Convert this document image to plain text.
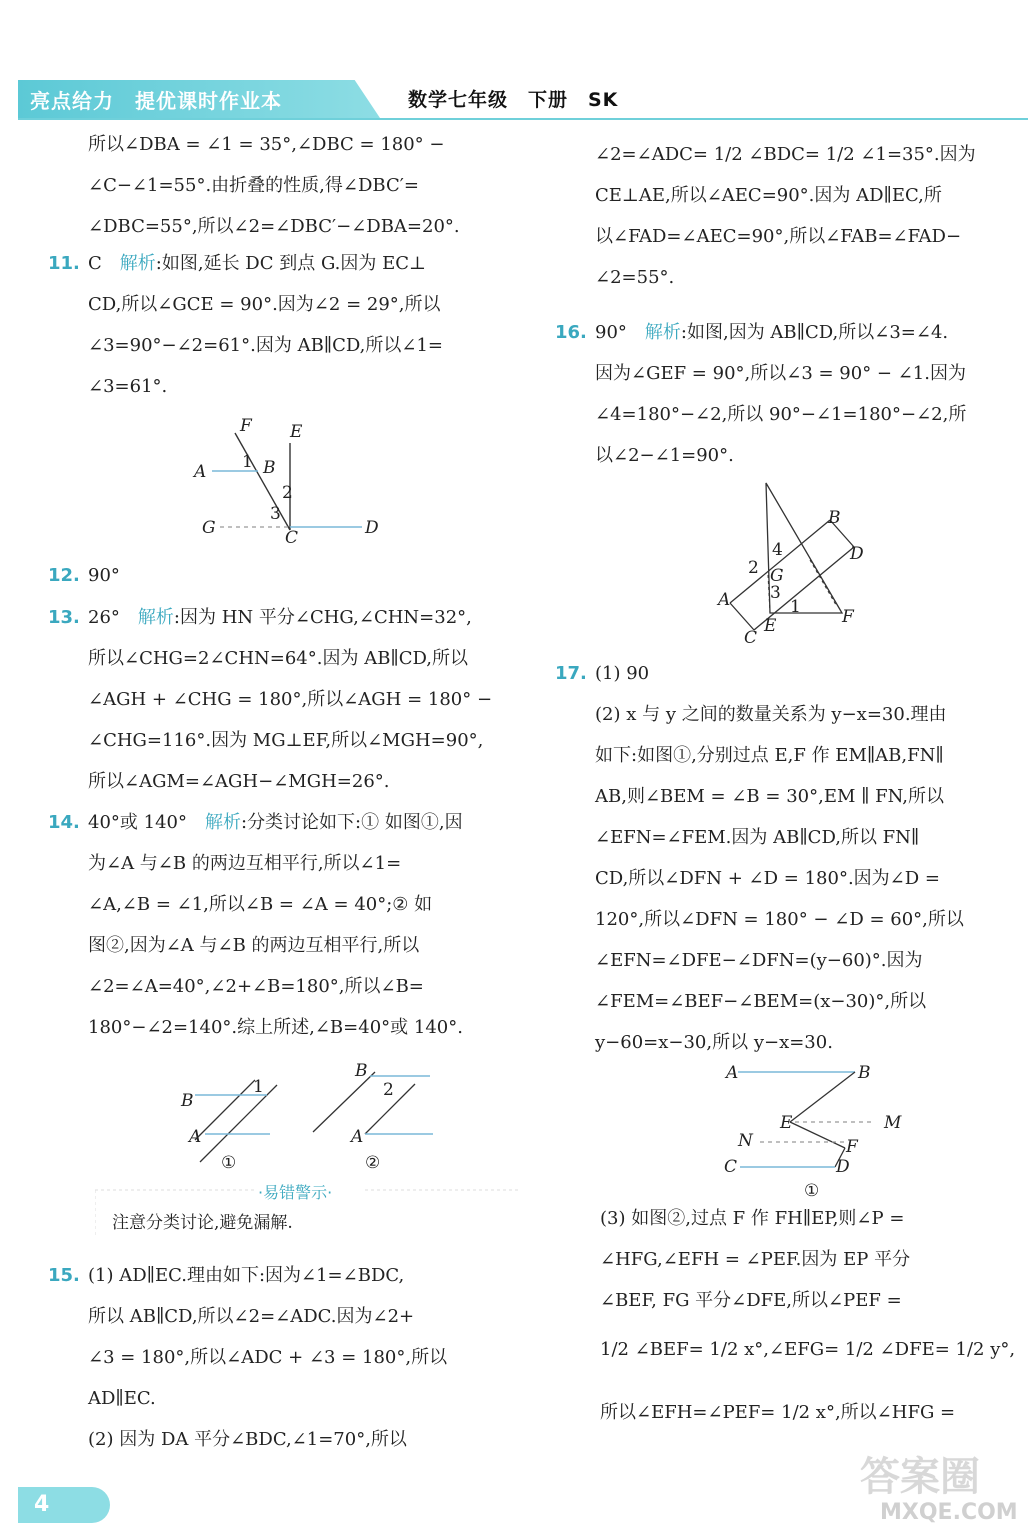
亮点给力　提优课时作业本	数学七年级　下册　SK
所以∠DBA = ∠1 = 35°,∠DBC = 180° −
∠C−∠1=55°.由折叠的性质,得∠DBC′=
∠DBC=55°,所以∠2=∠DBC′−∠DBA=20°.
11. C　 解析:如图,延长 DC 到点 G.因为 EC⊥
CD,所以∠GCE = 90°.因为∠2 = 29°,所以
∠3=90°−∠2=61°.因为 AB∥CD,所以∠1=
∠3=61°.
F E
A 1 B
2
3
G	C	D
12. 90°
13. 26°　 解析:因为 HN 平分∠CHG,∠CHN=32°,
所以∠CHG=2∠CHN=64°.因为 AB∥CD,所以
∠AGH + ∠CHG = 180°,所以∠AGH = 180° −
∠CHG=116°.因为 MG⊥EF,所以∠MGH=90°,
所以∠AGM=∠AGH−∠MGH=26°.
14. 40°或 140°　 解析:分类讨论如下:① 如图①,因
为∠A 与∠B 的两边互相平行,所以∠1=
∠A,∠B = ∠1,所以∠B = ∠A = 40°;② 如
图②,因为∠A 与∠B 的两边互相平行,所以
∠2=∠A=40°,∠2+∠B=180°,所以∠B=
180°−∠2=140°.综上所述,∠B=40°或 140°.
B
1
A
①
B
2
A
②
·易错警示·
注意分类讨论,避免漏解.
15. (1) AD∥EC.理由如下:因为∠1=∠BDC,
所以 AB∥CD,所以∠2=∠ADC.因为∠2+
∠3 = 180°,所以∠ADC + ∠3 = 180°,所以
AD∥EC.
(2) 因为 DA 平分∠BDC,∠1=70°,所以
∠2=∠ADC= 1/2 ∠BDC= 1/2 ∠1=35°.因为
CE⊥AE,所以∠AEC=90°.因为 AD∥EC,所
以∠FAD=∠AEC=90°,所以∠FAB=∠FAD−
∠2=55°.
16. 90°　 解析:如图,因为 AB∥CD,所以∠3=∠4.
因为∠GEF = 90°,所以∠3 = 90° − ∠1.因为
∠4=180°−∠2,所以 90°−∠1=180°−∠2,所
以∠2−∠1=90°.
B
D
4
2 G
3
A	1 F
C
E
17. (1) 90
(2) x 与 y 之间的数量关系为 y−x=30.理由
如下:如图①,分别过点 E,F 作 EM∥AB,FN∥
AB,则∠BEM = ∠B = 30°,EM ∥ FN,所以
∠EFN=∠FEM.因为 AB∥CD,所以 FN∥
CD,所以∠DFN + ∠D = 180°.因为∠D =
120°,所以∠DFN = 180° − ∠D = 60°,所以
∠EFN=∠DFE−∠DFN=(y−60)°.因为
∠FEM=∠BEF−∠BEM=(x−30)°,所以
y−60=x−30,所以 y−x=30.
A	B
E	M
N	F
C	D
①
(3) 如图②,过点 F 作 FH∥EP,则∠P =
∠HFG,∠EFH = ∠PEF.因为 EP 平分
∠BEF, FG 平分∠DFE,所以∠PEF =
1/2 ∠BEF= 1/2 x°,∠EFG= 1/2 ∠DFE= 1/2 y°,
所以∠EFH=∠PEF= 1/2 x°,所以∠HFG =
4
答案圈
MXQE.COM
